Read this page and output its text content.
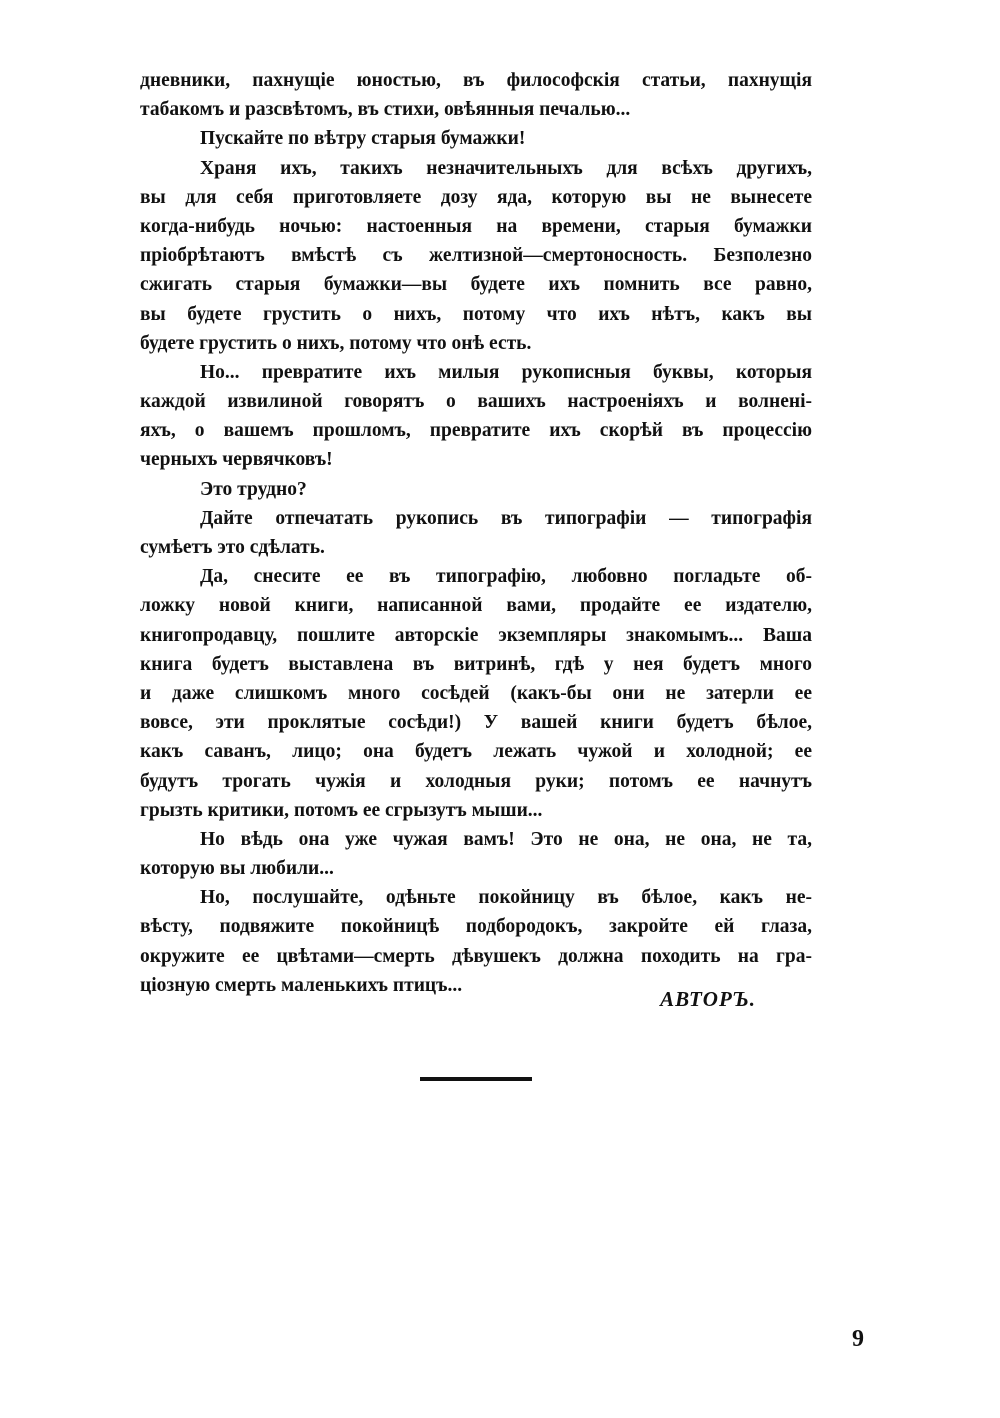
дневники, пахнущіе юностью, въ философскія статьи, пахнущія
табакомъ и разсвѣтомъ, въ стихи, овѣянныя печалью...
Пускайте по вѣтру старыя бумажки!
Храня ихъ, такихъ незначительныхъ для всѣхъ другихъ,
вы для себя приготовляете дозу яда, которую вы не вынесете
когда-нибудь ночью: настоенныя на времени, старыя бумажки
пріобрѣтаютъ вмѣстѣ съ желтизной—смертоносность. Безполезно
сжигать старыя бумажки—вы будете ихъ помнить все равно,
вы будете грустить о нихъ, потому что ихъ нѣтъ, какъ вы
будете грустить о нихъ, потому что онѣ есть.
Но... превратите ихъ милыя рукописныя буквы, которыя
каждой извилиной говорятъ о вашихъ настроеніяхъ и волненi-
яхъ, о вашемъ прошломъ, превратите ихъ скорѣй въ процессію
черныхъ червячковъ!
Это трудно?
Дайте отпечатать рукопись въ типографіи — типографія
сумѣетъ это сдѣлать.
Да, снесите ее въ типографію, любовно погладьте об-
ложку новой книги, написанной вами, продайте ее издателю,
книгопродавцу, пошлите авторскіе экземпляры знакомымъ... Ваша
книга будетъ выставлена въ витринѣ, гдѣ у нея будетъ много
и даже слишкомъ много сосѣдей (какъ-бы они не затерли ее
вовсе, эти проклятые сосѣди!) У вашей книги будетъ бѣлое,
какъ саванъ, лицо; она будетъ лежать чужой и холодной; ее
будутъ трогать чужія и холодныя руки; потомъ ее начнутъ
грызть критики, потомъ ее сгрызутъ мыши...
Но вѣдь она уже чужая вамъ! Это не она, не она, не та,
которую вы любили...
Но, послушайте, одѣньте покойницу въ бѣлое, какъ не-
вѣсту, подвяжите покойницѣ подбородокъ, закройте ей глаза,
окружите ее цвѣтами—смерть дѣвушекъ должна походить на гра-
ціозную смерть маленькихъ птицъ...
АВТОРЪ.
9
